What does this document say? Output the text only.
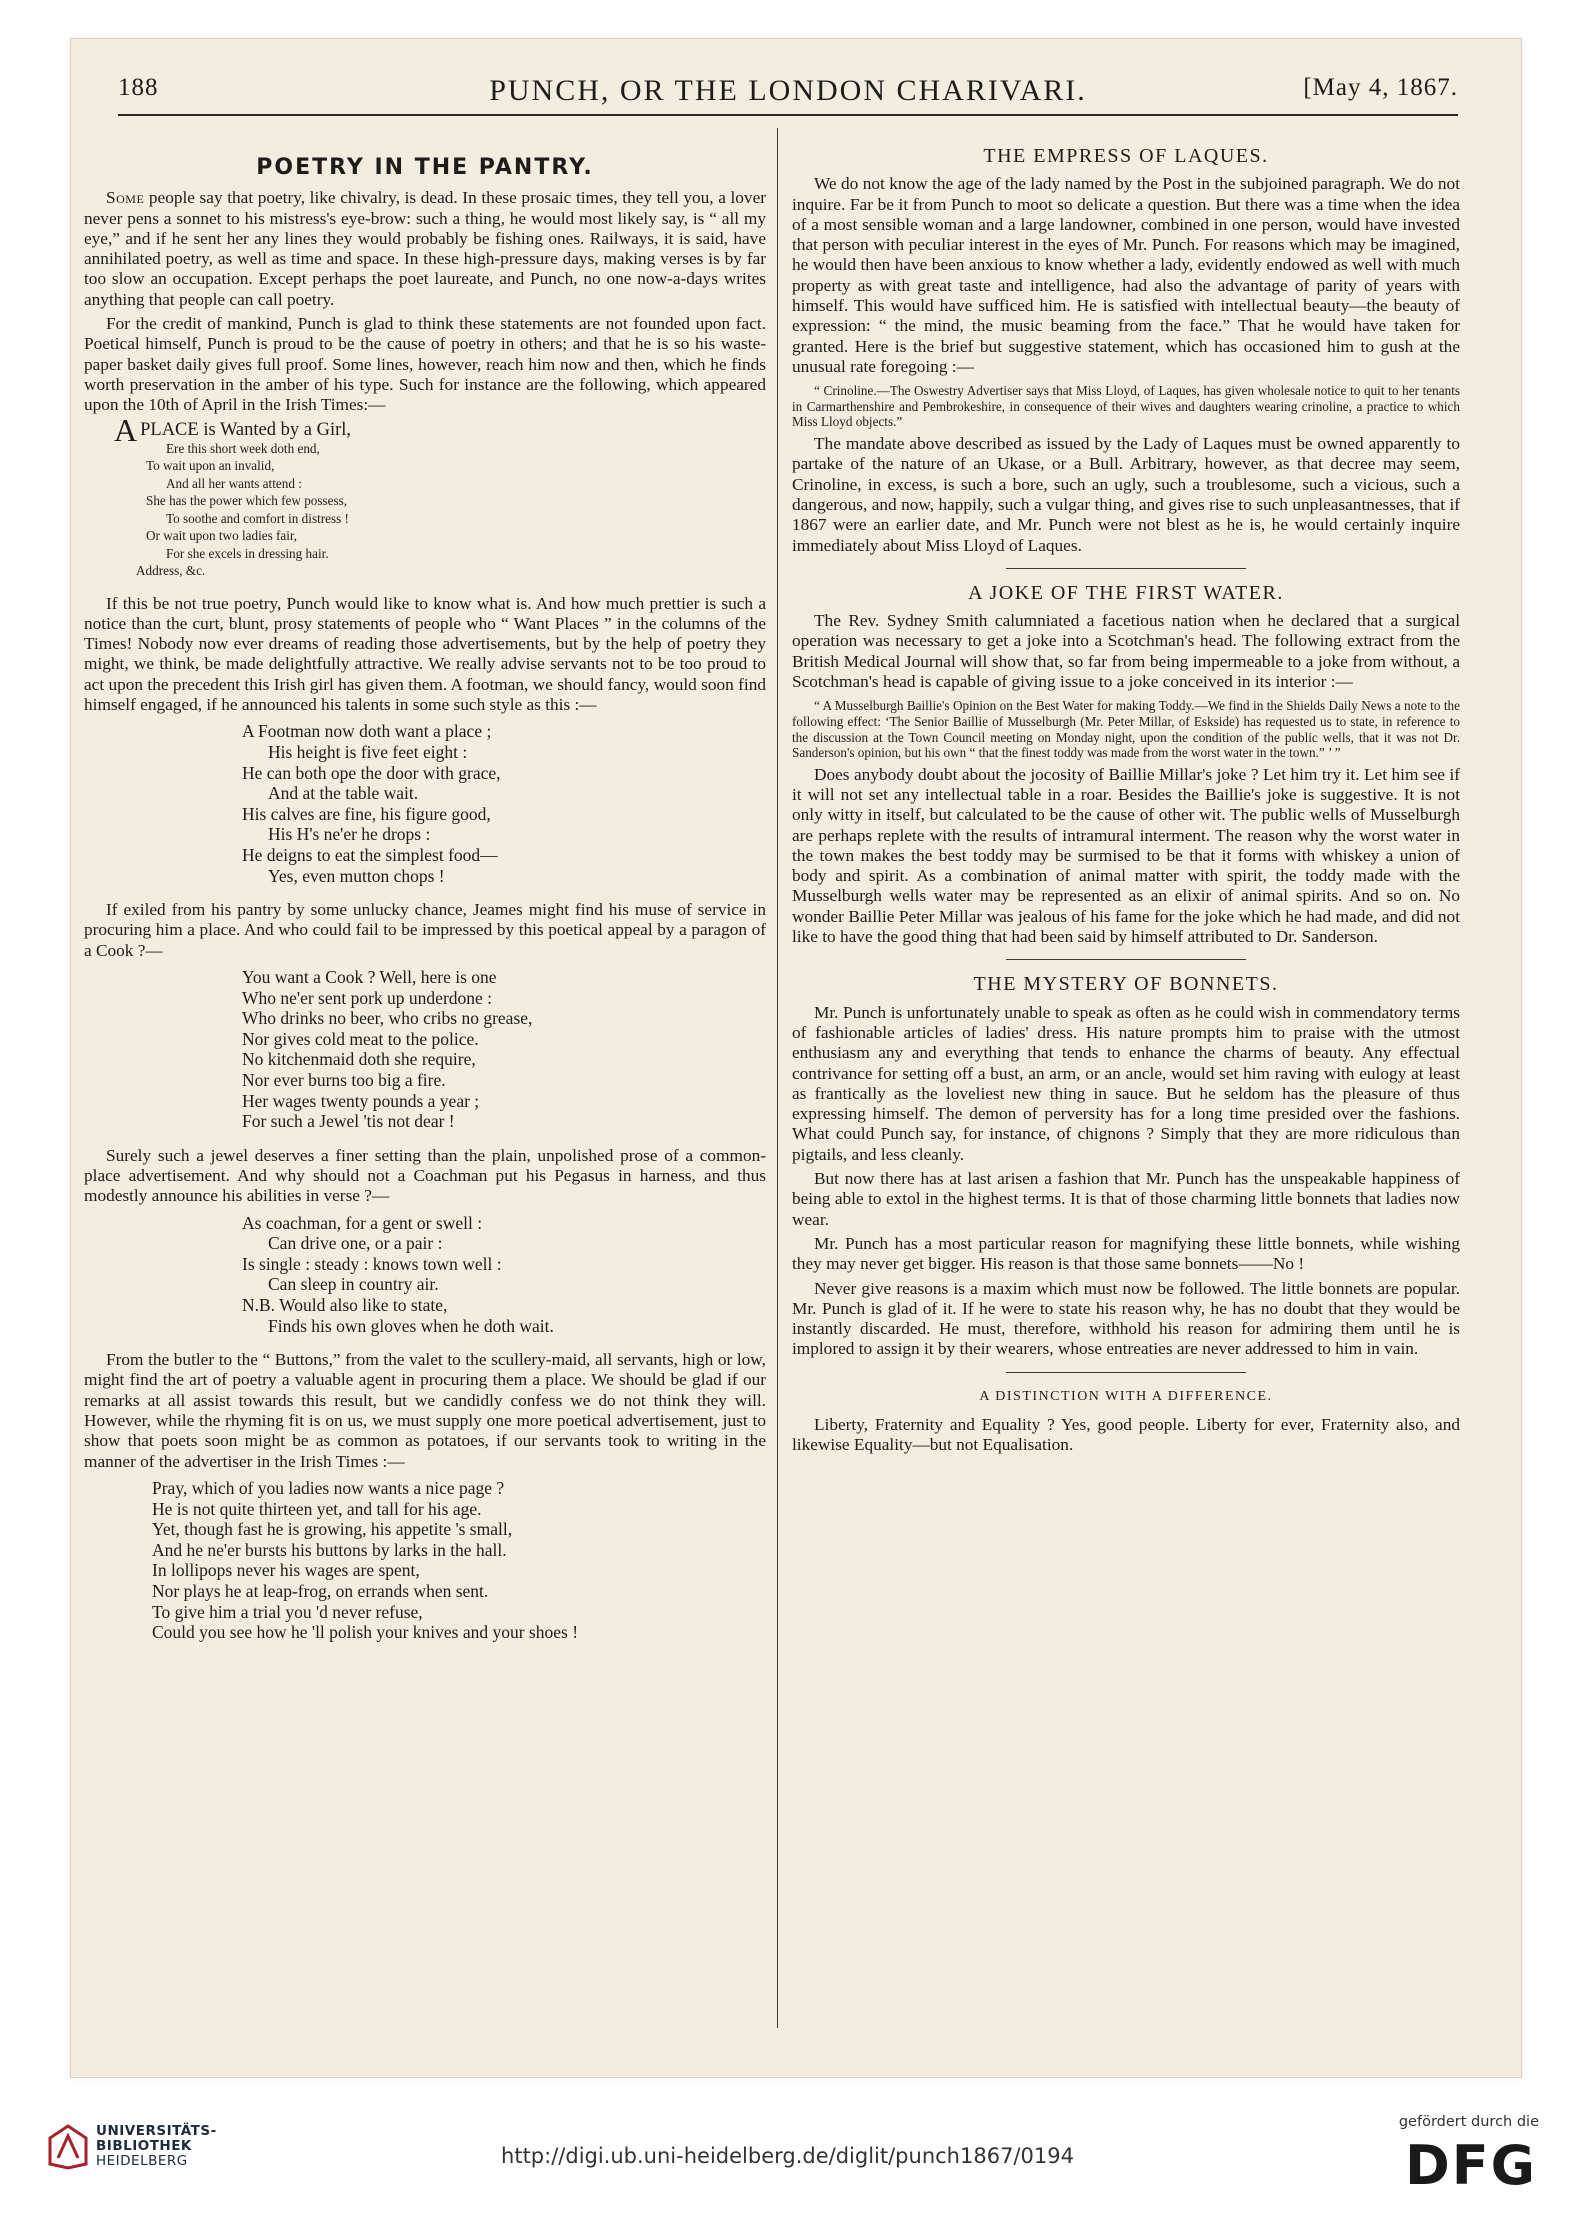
188	PUNCH, OR THE LONDON CHARIVARI.	[May 4, 1867.
POETRY IN THE PANTRY.

Some people say that poetry, like chivalry, is dead. In these prosaic times, they tell you, a lover never pens a sonnet to his mistress's eye-brow: such a thing, he would most likely say, is “ all my eye,” and if he sent her any lines they would probably be fishing ones. Railways, it is said, have annihilated poetry, as well as time and space. In these high-pressure days, making verses is by far too slow an occupation. Except perhaps the poet laureate, and Punch, no one now-a-days writes anything that people can call poetry.

For the credit of mankind, Punch is glad to think these statements are not founded upon fact. Poetical himself, Punch is proud to be the cause of poetry in others; and that he is so his waste-paper basket daily gives full proof. Some lines, however, reach him now and then, which he finds worth preservation in the amber of his type. Such for instance are the following, which appeared upon the 10th of April in the Irish Times:—

APLACE is Wanted by a Girl,
Ere this short week doth end,
To wait upon an invalid,
And all her wants attend :
She has the power which few possess,
To soothe and comfort in distress !
Or wait upon two ladies fair,
For she excels in dressing hair.
Address, &c.

If this be not true poetry, Punch would like to know what is. And how much prettier is such a notice than the curt, blunt, prosy statements of people who “ Want Places ” in the columns of the Times! Nobody now ever dreams of reading those advertisements, but by the help of poetry they might, we think, be made delightfully attractive. We really advise servants not to be too proud to act upon the precedent this Irish girl has given them. A footman, we should fancy, would soon find himself engaged, if he announced his talents in some such style as this :—

A Footman now doth want a place ;
His height is five feet eight :
He can both ope the door with grace,
And at the table wait.
His calves are fine, his figure good,
His H's ne'er he drops :
He deigns to eat the simplest food—
Yes, even mutton chops !

If exiled from his pantry by some unlucky chance, Jeames might find his muse of service in procuring him a place. And who could fail to be impressed by this poetical appeal by a paragon of a Cook ?—

You want a Cook ? Well, here is one
Who ne'er sent pork up underdone :
Who drinks no beer, who cribs no grease,
Nor gives cold meat to the police.
No kitchenmaid doth she require,
Nor ever burns too big a fire.
Her wages twenty pounds a year ;
For such a Jewel 'tis not dear !

Surely such a jewel deserves a finer setting than the plain, unpolished prose of a common-place advertisement. And why should not a Coachman put his Pegasus in harness, and thus modestly announce his abilities in verse ?—

As coachman, for a gent or swell :
Can drive one, or a pair :
Is single : steady : knows town well :
Can sleep in country air.
N.B. Would also like to state,
Finds his own gloves when he doth wait.

From the butler to the “ Buttons,” from the valet to the scullery-maid, all servants, high or low, might find the art of poetry a valuable agent in procuring them a place. We should be glad if our remarks at all assist towards this result, but we candidly confess we do not think they will. However, while the rhyming fit is on us, we must supply one more poetical advertisement, just to show that poets soon might be as common as potatoes, if our servants took to writing in the manner of the advertiser in the Irish Times :—

Pray, which of you ladies now wants a nice page ?
He is not quite thirteen yet, and tall for his age.
Yet, though fast he is growing, his appetite 's small,
And he ne'er bursts his buttons by larks in the hall.
In lollipops never his wages are spent,
Nor plays he at leap-frog, on errands when sent.
To give him a trial you 'd never refuse,
Could you see how he 'll polish your knives and your shoes !
THE EMPRESS OF LAQUES.

We do not know the age of the lady named by the Post in the subjoined paragraph. We do not inquire. Far be it from Punch to moot so delicate a question. But there was a time when the idea of a most sensible woman and a large landowner, combined in one person, would have invested that person with peculiar interest in the eyes of Mr. Punch. For reasons which may be imagined, he would then have been anxious to know whether a lady, evidently endowed as well with much property as with great taste and intelligence, had also the advantage of parity of years with himself. This would have sufficed him. He is satisfied with intellectual beauty—the beauty of expression: “ the mind, the music beaming from the face.” That he would have taken for granted. Here is the brief but suggestive statement, which has occasioned him to gush at the unusual rate foregoing :—

“ Crinoline.—The Oswestry Advertiser says that Miss Lloyd, of Laques, has given wholesale notice to quit to her tenants in Carmarthenshire and Pembrokeshire, in consequence of their wives and daughters wearing crinoline, a practice to which Miss Lloyd objects.”

The mandate above described as issued by the Lady of Laques must be owned apparently to partake of the nature of an Ukase, or a Bull. Arbitrary, however, as that decree may seem, Crinoline, in excess, is such a bore, such an ugly, such a troublesome, such a vicious, such a dangerous, and now, happily, such a vulgar thing, and gives rise to such unpleasantnesses, that if 1867 were an earlier date, and Mr. Punch were not blest as he is, he would certainly inquire immediately about Miss Lloyd of Laques.

A JOKE OF THE FIRST WATER.

The Rev. Sydney Smith calumniated a facetious nation when he declared that a surgical operation was necessary to get a joke into a Scotchman's head. The following extract from the British Medical Journal will show that, so far from being impermeable to a joke from without, a Scotchman's head is capable of giving issue to a joke conceived in its interior :—

“ A Musselburgh Baillie's Opinion on the Best Water for making Toddy.—We find in the Shields Daily News a note to the following effect: ‘The Senior Baillie of Musselburgh (Mr. Peter Millar, of Eskside) has requested us to state, in reference to the discussion at the Town Council meeting on Monday night, upon the condition of the public wells, that it was not Dr. Sanderson's opinion, but his own “ that the finest toddy was made from the worst water in the town.” ’ ”

Does anybody doubt about the jocosity of Baillie Millar's joke ? Let him try it. Let him see if it will not set any intellectual table in a roar. Besides the Baillie's joke is suggestive. It is not only witty in itself, but calculated to be the cause of other wit. The public wells of Musselburgh are perhaps replete with the results of intramural interment. The reason why the worst water in the town makes the best toddy may be surmised to be that it forms with whiskey a union of body and spirit. As a combination of animal matter with spirit, the toddy made with the Musselburgh wells water may be represented as an elixir of animal spirits. And so on. No wonder Baillie Peter Millar was jealous of his fame for the joke which he had made, and did not like to have the good thing that had been said by himself attributed to Dr. Sanderson.

THE MYSTERY OF BONNETS.

Mr. Punch is unfortunately unable to speak as often as he could wish in commendatory terms of fashionable articles of ladies' dress. His nature prompts him to praise with the utmost enthusiasm any and everything that tends to enhance the charms of beauty. Any effectual contrivance for setting off a bust, an arm, or an ancle, would set him raving with eulogy at least as frantically as the loveliest new thing in sauce. But he seldom has the pleasure of thus expressing himself. The demon of perversity has for a long time presided over the fashions. What could Punch say, for instance, of chignons ? Simply that they are more ridiculous than pigtails, and less cleanly.

But now there has at last arisen a fashion that Mr. Punch has the unspeakable happiness of being able to extol in the highest terms. It is that of those charming little bonnets that ladies now wear.

Mr. Punch has a most particular reason for magnifying these little bonnets, while wishing they may never get bigger. His reason is that those same bonnets——No !

Never give reasons is a maxim which must now be followed. The little bonnets are popular. Mr. Punch is glad of it. If he were to state his reason why, he has no doubt that they would be instantly discarded. He must, therefore, withhold his reason for admiring them until he is implored to assign it by their wearers, whose entreaties are never addressed to him in vain.

A DISTINCTION WITH A DIFFERENCE.

Liberty, Fraternity and Equality ? Yes, good people. Liberty for ever, Fraternity also, and likewise Equality—but not Equalisation.

UNIVERSITÄTS-
BIBLIOTHEK
HEIDELBERG	http://digi.ub.uni-heidelberg.de/diglit/punch1867/0194
gefördert durch die
DFG
